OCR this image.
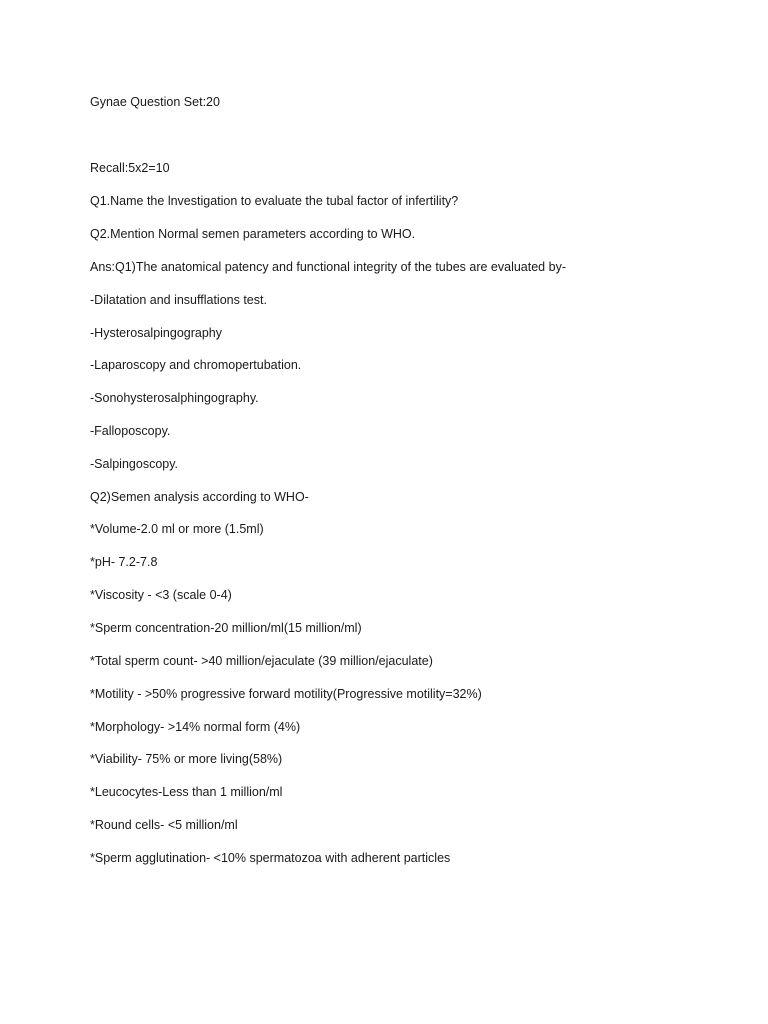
Gynae Question Set:20

Recall:5x2=10

Q1.Name the lnvestigation to evaluate the tubal factor of infertility?

Q2.Mention Normal semen parameters according to WHO.

Ans:Q1)The anatomical patency and functional integrity of the tubes are evaluated by-

-Dilatation and insufflations test.

-Hysterosalpingography

-Laparoscopy and chromopertubation.

-Sonohysterosalphingography.

-Falloposcopy.

-Salpingoscopy.

Q2)Semen analysis according to WHO-

*Volume-2.0 ml or more (1.5ml)

*pH- 7.2-7.8

*Viscosity - <3 (scale 0-4)

*Sperm concentration-20 million/ml(15 million/ml)

*Total sperm count- >40 million/ejaculate (39 million/ejaculate)

*Motility - >50% progressive forward motility(Progressive motility=32%)

*Morphology- >14% normal form (4%)

*Viability- 75% or more living(58%)

*Leucocytes-Less than 1 million/ml

*Round cells- <5 million/ml

*Sperm agglutination- <10% spermatozoa with adherent particles
